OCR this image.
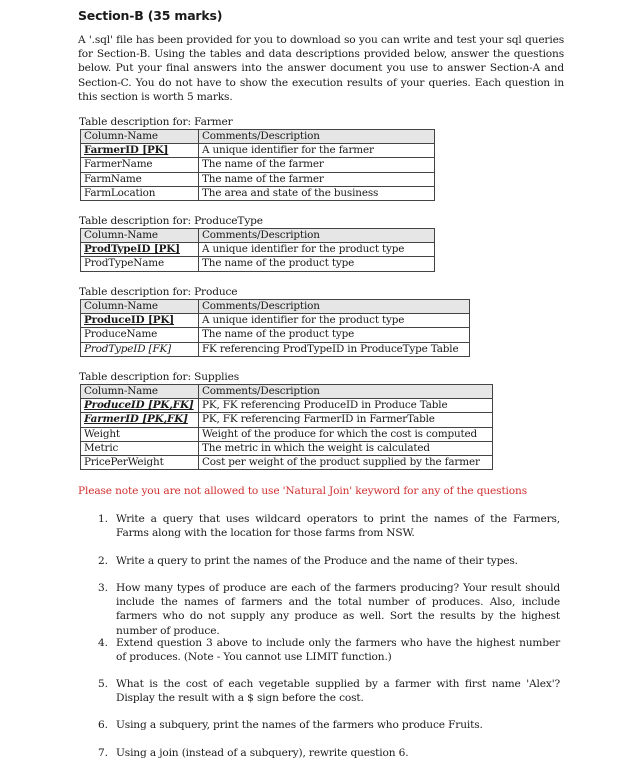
Section-B (35 marks)

A '.sql' file has been provided for you to download so you can write and test your sql queries for Section-B. Using the tables and data descriptions provided below, answer the questions below. Put your final answers into the answer document you use to answer Section-A and Section-C. You do not have to show the execution results of your queries. Each question in this section is worth 5 marks.

Table description for: Farmer
Column-Name	Comments/Description
FarmerID [PK]	A unique identifier for the farmer
FarmerName	The name of the farmer
FarmName	The name of the farmer
FarmLocation	The area and state of the business
Table description for: ProduceType
Column-Name	Comments/Description
ProdTypeID [PK]	A unique identifier for the product type
ProdTypeName	The name of the product type
Table description for: Produce
Column-Name	Comments/Description
ProduceID [PK]	A unique identifier for the product type
ProduceName	The name of the product type
ProdTypeID [FK]	FK referencing ProdTypeID in ProduceType Table
Table description for: Supplies
Column-Name	Comments/Description
ProduceID [PK,FK]	PK, FK referencing ProduceID in Produce Table
FarmerID [PK,FK]	PK, FK referencing FarmerID in FarmerTable
Weight	Weight of the produce for which the cost is computed
Metric	The metric in which the weight is calculated
PricePerWeight	Cost per weight of the product supplied by the farmer
Please note you are not allowed to use 'Natural Join' keyword for any of the questions
1. Write a query that uses wildcard operators to print the names of the Farmers, Farms along with the location for those farms from NSW.
2. Write a query to print the names of the Produce and the name of their types.
3. How many types of produce are each of the farmers producing? Your result should include the names of farmers and the total number of produces. Also, include farmers who do not supply any produce as well. Sort the results by the highest number of produce.
4. Extend question 3 above to include only the farmers who have the highest number of produces. (Note - You cannot use LIMIT function.)
5. What is the cost of each vegetable supplied by a farmer with first name 'Alex'? Display the result with a $ sign before the cost.
6. Using a subquery, print the names of the farmers who produce Fruits.
7. Using a join (instead of a subquery), rewrite question 6.
